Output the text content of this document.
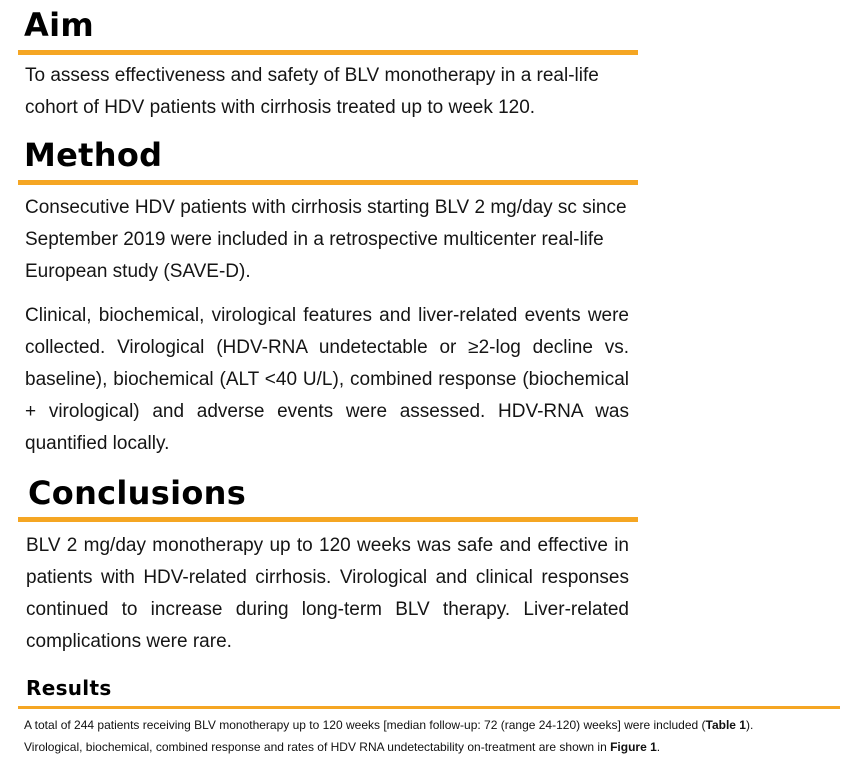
Aim

To assess effectiveness and safety of BLV monotherapy in a real-life cohort of HDV patients with cirrhosis treated up to week 120.

Method

Consecutive HDV patients with cirrhosis starting BLV 2 mg/day sc since September 2019 were included in a retrospective multicenter real-life European study (SAVE-D).

Clinical, biochemical, virological features and liver-related events were collected. Virological (HDV-RNA undetectable or ≥2-log decline vs. baseline), biochemical (ALT <40 U/L), combined response (biochemical + virological) and adverse events were assessed. HDV-RNA was quantified locally.

Conclusions

BLV 2 mg/day monotherapy up to 120 weeks was safe and effective in patients with HDV-related cirrhosis. Virological and clinical responses continued to increase during long-term BLV therapy. Liver-related complications were rare.

Results

A total of 244 patients receiving BLV monotherapy up to 120 weeks [median follow-up: 72 (range 24-120) weeks] were included (Table 1).
Virological, biochemical, combined response and rates of HDV RNA undetectability on-treatment are shown in Figure 1.
